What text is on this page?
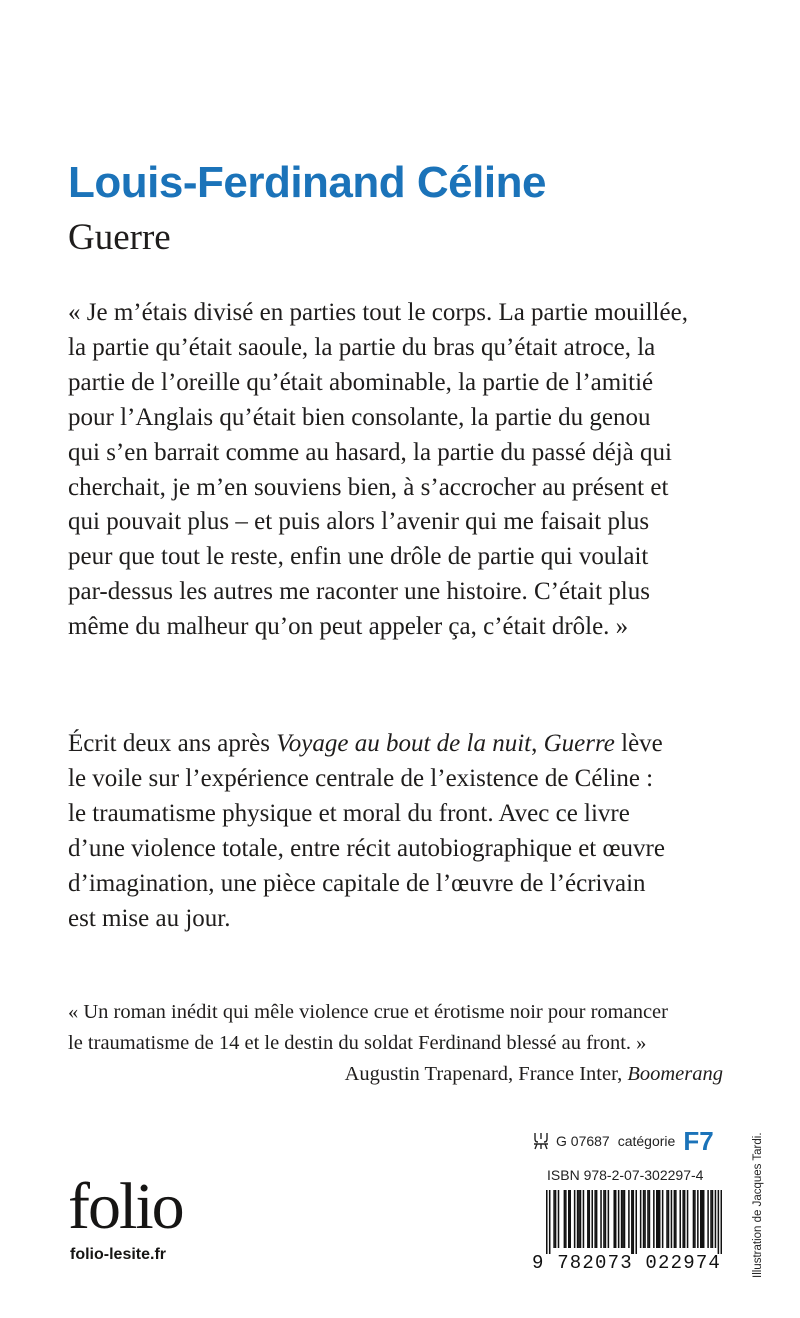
Louis-Ferdinand Céline
Guerre
« Je m’étais divisé en parties tout le corps. La partie mouillée,
la partie qu’était saoule, la partie du bras qu’était atroce, la
partie de l’oreille qu’était abominable, la partie de l’amitié
pour l’Anglais qu’était bien consolante, la partie du genou
qui s’en barrait comme au hasard, la partie du passé déjà qui
cherchait, je m’en souviens bien, à s’accrocher au présent et
qui pouvait plus – et puis alors l’avenir qui me faisait plus
peur que tout le reste, enfin une drôle de partie qui voulait
par-dessus les autres me raconter une histoire. C’était plus
même du malheur qu’on peut appeler ça, c’était drôle. »
Écrit deux ans après Voyage au bout de la nuit, Guerre lève
le voile sur l’expérience centrale de l’existence de Céline :
le traumatisme physique et moral du front. Avec ce livre
d’une violence totale, entre récit autobiographique et œuvre
d’imagination, une pièce capitale de l’œuvre de l’écrivain
est mise au jour.
« Un roman inédit qui mêle violence crue et érotisme noir pour romancer
le traumatisme de 14 et le destin du soldat Ferdinand blessé au front. »
Augustin Trapenard, France Inter, Boomerang
G 07687 catégorie F7
ISBN 978-2-07-302297-4
9 782073 022974
folio
folio-lesite.fr	Illustration de Jacques Tardi.
